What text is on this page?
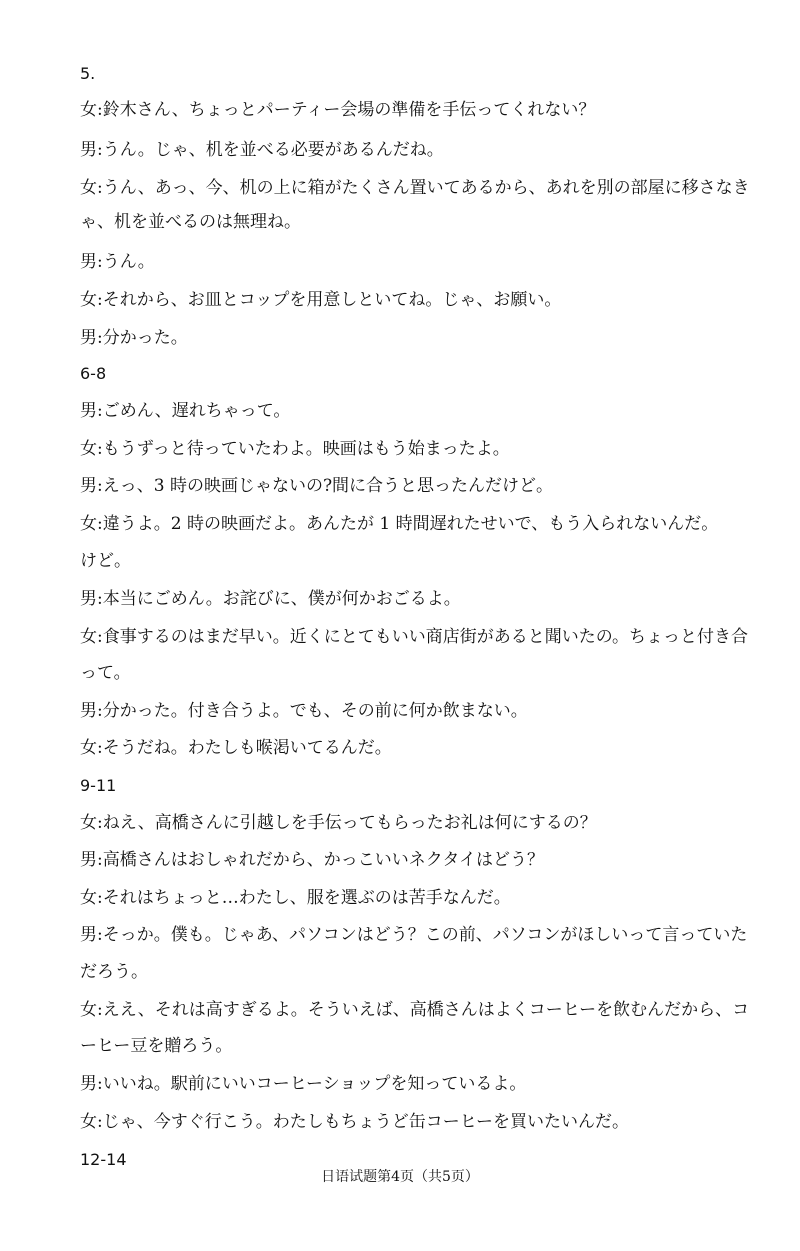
5.
女:鈴木さん、ちょっとパーティー会場の準備を手伝ってくれない？
男:うん。じゃ、机を並べる必要があるんだね。
女:うん、あっ、今、机の上に箱がたくさん置いてあるから、あれを別の部屋に移さなき
ゃ、机を並べるのは無理ね。
男:うん。
女:それから、お皿とコップを用意しといてね。じゃ、お願い。
男:分かった。
6-8
男:ごめん、遅れちゃって。
女:もうずっと待っていたわよ。映画はもう始まったよ。
男:えっ、3 時の映画じゃないの?間に合うと思ったんだけど。
女:違うよ。2 時の映画だよ。あんたが 1 時間遅れたせいで、もう入られないんだ。
けど。
男:本当にごめん。お詫びに、僕が何かおごるよ。
女:食事するのはまだ早い。近くにとてもいい商店街があると聞いたの。ちょっと付き合
って。
男:分かった。付き合うよ。でも、その前に何か飲まない。
女:そうだね。わたしも喉渇いてるんだ。
9-11
女:ねえ、高橋さんに引越しを手伝ってもらったお礼は何にするの？
男:高橋さんはおしゃれだから、かっこいいネクタイはどう？
女:それはちょっと…わたし、服を選ぶのは苦手なんだ。
男:そっか。僕も。じゃあ、パソコンはどう？この前、パソコンがほしいって言っていた
だろう。
女:ええ、それは高すぎるよ。そういえば、高橋さんはよくコーヒーを飲むんだから、コ
ーヒー豆を贈ろう。
男:いいね。駅前にいいコーヒーショップを知っているよ。
女:じゃ、今すぐ行こう。わたしもちょうど缶コーヒーを買いたいんだ。
12-14
日语试题第4页（共5页）
